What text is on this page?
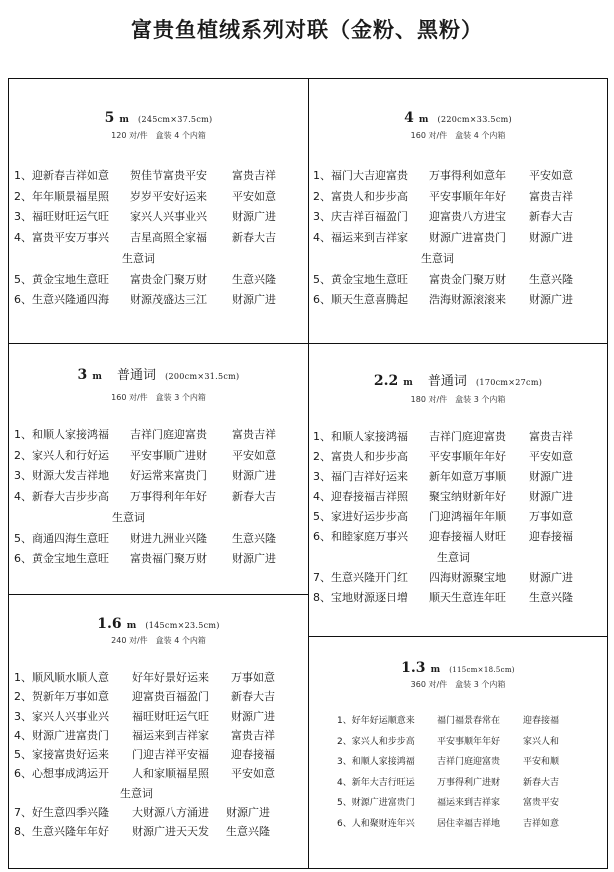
富贵鱼植绒系列对联（金粉、黑粉）
5 m (245cm×37.5cm)
120 对/件 盒装 4 个内箱
1、迎新春吉祥如意 贺佳节富贵平安 富贵吉祥
2、年年顺景福星照 岁岁平安好运来 平安如意
3、福旺财旺运气旺 家兴人兴事业兴 财源广进
4、富贵平安万事兴 吉星高照全家福 新春大吉
生意词
5、黄金宝地生意旺 富贵金门聚万财 生意兴隆
6、生意兴隆通四海 财源茂盛达三江 财源广进
4 m (220cm×33.5cm)
160 对/件 盒装 4 个内箱
1、福门大吉迎富贵 万事得利如意年 平安如意
2、富贵人和步步高 平安事顺年年好 富贵吉祥
3、庆吉祥百福盈门 迎富贵八方进宝 新春大吉
4、福运来到吉祥家 财源广进富贵门 财源广进
生意词
5、黄金宝地生意旺 富贵金门聚万财 生意兴隆
6、顺天生意喜腾起 浩海财源滚滚来 财源广进
3 m 普通词 (200cm×31.5cm)
160 对/件 盒装 3 个内箱
1、和顺人家接鸿福 吉祥门庭迎富贵 富贵吉祥
2、家兴人和行好运 平安事顺广进财 平安如意
3、财源大发吉祥地 好运常来富贵门 财源广进
4、新春大吉步步高 万事得利年年好 新春大吉
生意词
5、商通四海生意旺 财进九洲业兴隆 生意兴隆
6、黄金宝地生意旺 富贵福门聚万财 财源广进
2.2 m 普通词 (170cm×27cm)
180 对/件 盒装 3 个内箱
1、和顺人家接鸿福 吉祥门庭迎富贵 富贵吉祥
2、富贵人和步步高 平安事顺年年好 平安如意
3、福门吉祥好运来 新年如意万事顺 财源广进
4、迎春接福吉祥照 聚宝纳财新年好 财源广进
5、家进好运步步高 门迎鸿福年年顺 万事如意
6、和睦家庭万事兴 迎春接福人财旺 迎春接福
生意词
7、生意兴隆开门红 四海财源聚宝地 财源广进
8、宝地财源逐日增 顺天生意连年旺 生意兴隆
1.6 m (145cm×23.5cm)
240 对/件 盒装 4 个内箱
1、顺风顺水顺人意 好年好景好运来 万事如意
2、贺新年万事如意 迎富贵百福盈门 新春大吉
3、家兴人兴事业兴 福旺财旺运气旺 财源广进
4、财源广进富贵门 福运来到吉祥家 富贵吉祥
5、家接富贵好运来 门迎吉祥平安福 迎春接福
6、心想事成鸿运开 人和家顺福星照 平安如意
生意词
7、好生意四季兴隆 大财源八方涌进 财源广进
8、生意兴隆年年好 财源广进天天发 生意兴隆
1.3 m (115cm×18.5cm)
360 对/件 盒装 3 个内箱
1、好年好运顺意来 福门福景春常在	迎春接福
2、家兴人和步步高 平安事顺年年好	家兴人和
3、和顺人家接鸿福 吉祥门庭迎富贵	平安和顺
4、新年大吉行旺运 万事得利广进财	新春大吉
5、财源广进富贵门 福运来到吉祥家	富贵平安
6、人和聚财连年兴 居住幸福吉祥地	吉祥如意
